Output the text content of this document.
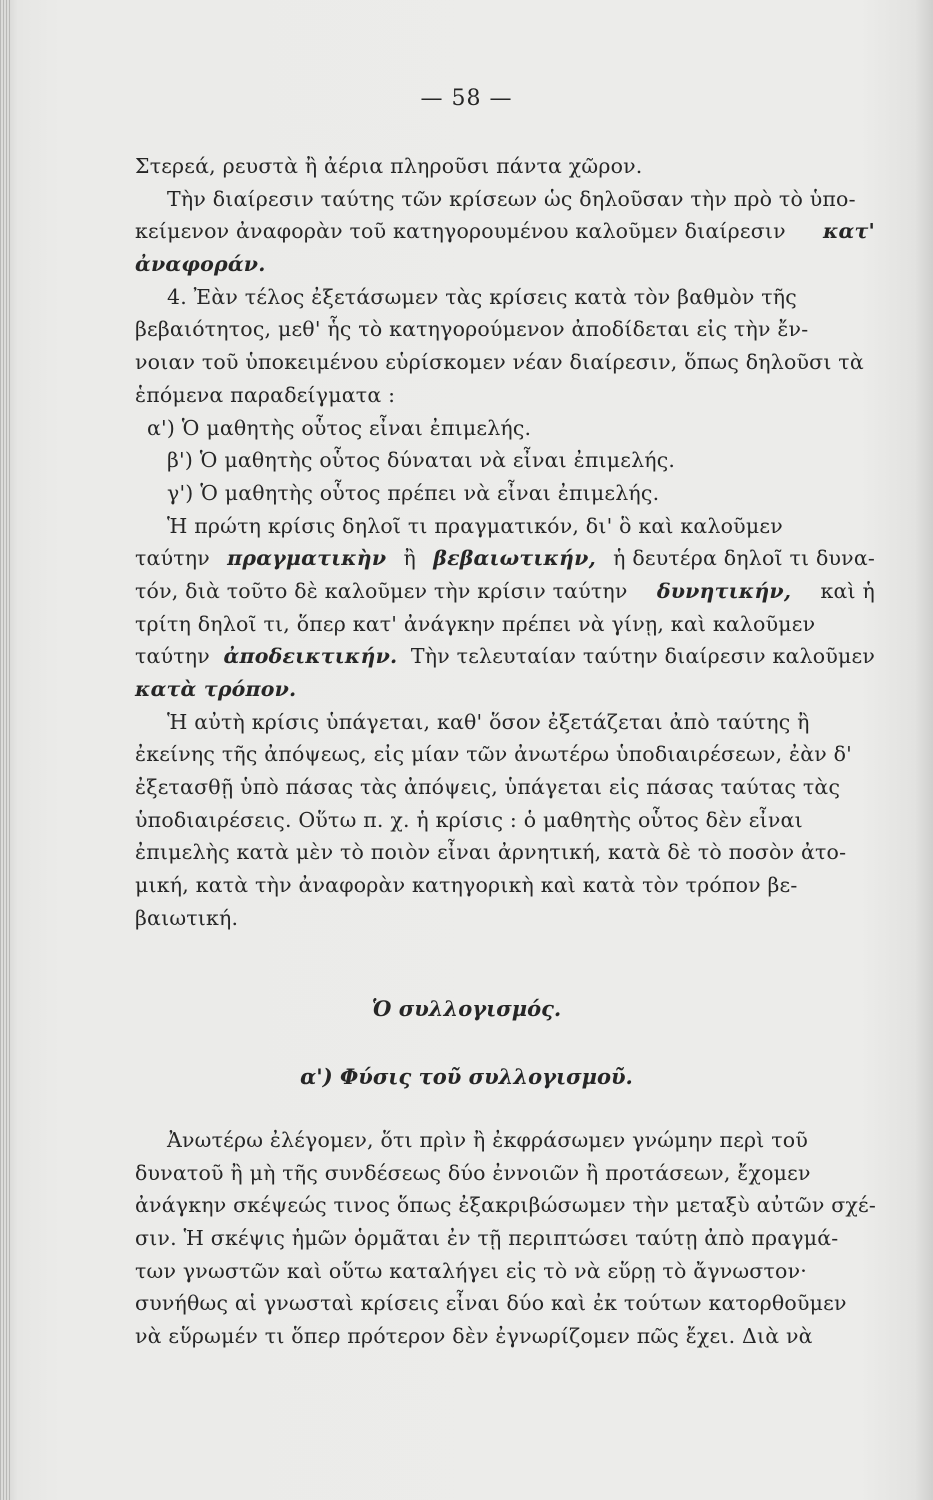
— 58 —
Στερεά, ρευστὰ ἢ ἀέρια πληροῦσι πάντα χῶρον.
Τὴν διαίρεσιν ταύτης τῶν κρίσεων ὡς δηλοῦσαν τὴν πρὸ τὸ ὑπο-
κείμενον ἀναφορὰν τοῦ κατηγορουμένου καλοῦμεν διαίρεσιν κατ'
ἀναφοράν.
4. Ἐὰν τέλος ἐξετάσωμεν τὰς κρίσεις κατὰ τὸν βαθμὸν τῆς
βεβαιότητος, μεθ' ἧς τὸ κατηγορούμενον ἀποδίδεται εἰς τὴν ἔν-
νοιαν τοῦ ὑποκειμένου εὑρίσκομεν νέαν διαίρεσιν, ὅπως δηλοῦσι τὰ
ἑπόμενα παραδείγματα :
α') Ὁ μαθητὴς οὗτος εἶναι ἐπιμελής.
β') Ὁ μαθητὴς οὗτος δύναται νὰ εἶναι ἐπιμελής.
γ') Ὁ μαθητὴς οὗτος πρέπει νὰ εἶναι ἐπιμελής.
Ἡ πρώτη κρίσις δηλοῖ τι πραγματικόν, δι' ὃ καὶ καλοῦμεν
ταύτην πραγματικὴν ἢ βεβαιωτικήν, ἡ δευτέρα δηλοῖ τι δυνα-
τόν, διὰ τοῦτο δὲ καλοῦμεν τὴν κρίσιν ταύτην δυνητικήν, καὶ ἡ
τρίτη δηλοῖ τι, ὅπερ κατ' ἀνάγκην πρέπει νὰ γίνῃ, καὶ καλοῦμεν
ταύτην ἀποδεικτικήν. Τὴν τελευταίαν ταύτην διαίρεσιν καλοῦμεν
κατὰ τρόπον.
Ἡ αὐτὴ κρίσις ὑπάγεται, καθ' ὅσον ἐξετάζεται ἀπὸ ταύτης ἢ
ἐκείνης τῆς ἀπόψεως, εἰς μίαν τῶν ἀνωτέρω ὑποδιαιρέσεων, ἐὰν δ'
ἐξετασθῇ ὑπὸ πάσας τὰς ἀπόψεις, ὑπάγεται εἰς πάσας ταύτας τὰς
ὑποδιαιρέσεις. Οὕτω π. χ. ἡ κρίσις : ὁ μαθητὴς οὗτος δὲν εἶναι
ἐπιμελὴς κατὰ μὲν τὸ ποιὸν εἶναι ἀρνητική, κατὰ δὲ τὸ ποσὸν ἀτο-
μική, κατὰ τὴν ἀναφορὰν κατηγορικὴ καὶ κατὰ τὸν τρόπον βε-
βαιωτική.
Ὁ συλλογισμός.
α') Φύσις τοῦ συλλογισμοῦ.
Ἀνωτέρω ἐλέγομεν, ὅτι πρὶν ἢ ἐκφράσωμεν γνώμην περὶ τοῦ
δυνατοῦ ἢ μὴ τῆς συνδέσεως δύο ἐννοιῶν ἢ προτάσεων, ἔχομεν
ἀνάγκην σκέψεώς τινος ὅπως ἐξακριβώσωμεν τὴν μεταξὺ αὐτῶν σχέ-
σιν. Ἡ σκέψις ἡμῶν ὁρμᾶται ἐν τῇ περιπτώσει ταύτῃ ἀπὸ πραγμά-
των γνωστῶν καὶ οὕτω καταλήγει εἰς τὸ νὰ εὕρῃ τὸ ἄγνωστον·
συνήθως αἱ γνωσταὶ κρίσεις εἶναι δύο καὶ ἐκ τούτων κατορθοῦμεν
νὰ εὕρωμέν τι ὅπερ πρότερον δὲν ἐγνωρίζομεν πῶς ἔχει. Διὰ νὰ
